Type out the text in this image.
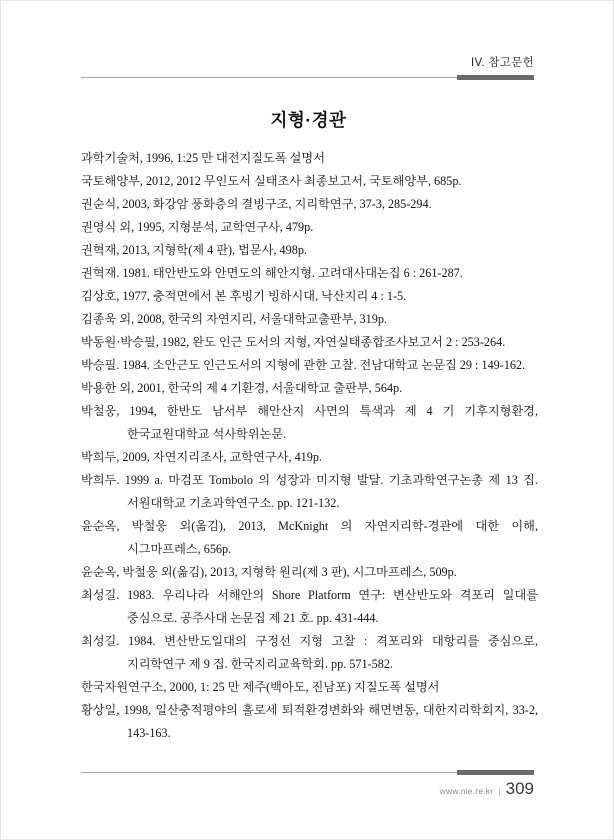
IV. 참고문헌
지형·경관
과학기술처, 1996, 1:25 만 대전지질도폭 설명서
국토해양부, 2012, 2012 무인도서 실태조사 최종보고서, 국토해양부, 685p.
권순식, 2003, 화강암 풍화층의 결빙구조, 지리학연구, 37-3, 285-294.
권영식 외, 1995, 지형분석, 교학연구사, 479p.
권혁재, 2013, 지형학(제 4 판), 법문사, 498p.
권혁재. 1981. 태안반도와 안면도의 해안지형. 고려대사대논집 6 : 261-287.
김상호, 1977, 충적면에서 본 후빙기 빙하시대, 낙산지리 4 : 1-5.
김종욱 외, 2008, 한국의 자연지리, 서울대학교출판부, 319p.
박동원·박승필, 1982, 완도 인근 도서의 지형, 자연실태종합조사보고서 2 : 253-264.
박승필. 1984. 소안근도 인근도서의 지형에 관한 고찰. 전남대학교 논문집 29 : 149-162.
박용한 외, 2001, 한국의 제 4 기환경, 서울대학교 출판부, 564p.
박철웅, 1994, 한반도 남서부 해안산지 사면의 특색과 제 4 기 기후지형환경, 한국교원대학교 석사학위논문.
박희두, 2009, 자연지리조사, 교학연구사, 419p.
박희두. 1999 a. 마검포 Tombolo 의 성장과 미지형 발달. 기초과학연구논총 제 13 집. 서원대학교 기초과학연구소. pp. 121-132.
윤순옥, 박철웅 외(옮김), 2013, McKnight 의 자연지리학-경관에 대한 이해, 시그마프레스, 656p.
윤순옥, 박철웅 외(옮김), 2013, 지형학 원리(제 3 판), 시그마프레스, 509p.
최성길. 1983. 우리나라 서해안의 Shore Platform 연구: 변산반도와 격포리 일대를 중심으로. 공주사대 논문집 제 21 호. pp. 431-444.
최성길. 1984. 변산반도일대의 구정선 지형 고찰 : 격포리와 대항리를 중심으로, 지리학연구 제 9 집. 한국지리교육학회. pp. 571-582.
한국자원연구소, 2000, 1: 25 만 제주(백아도, 진남포) 지질도폭 설명서
황상일, 1998, 일산충적평야의 홀로세 퇴적환경변화와 해면변동, 대한지리학회지, 33-2, 143-163.
www.nie.re.kr | 309
